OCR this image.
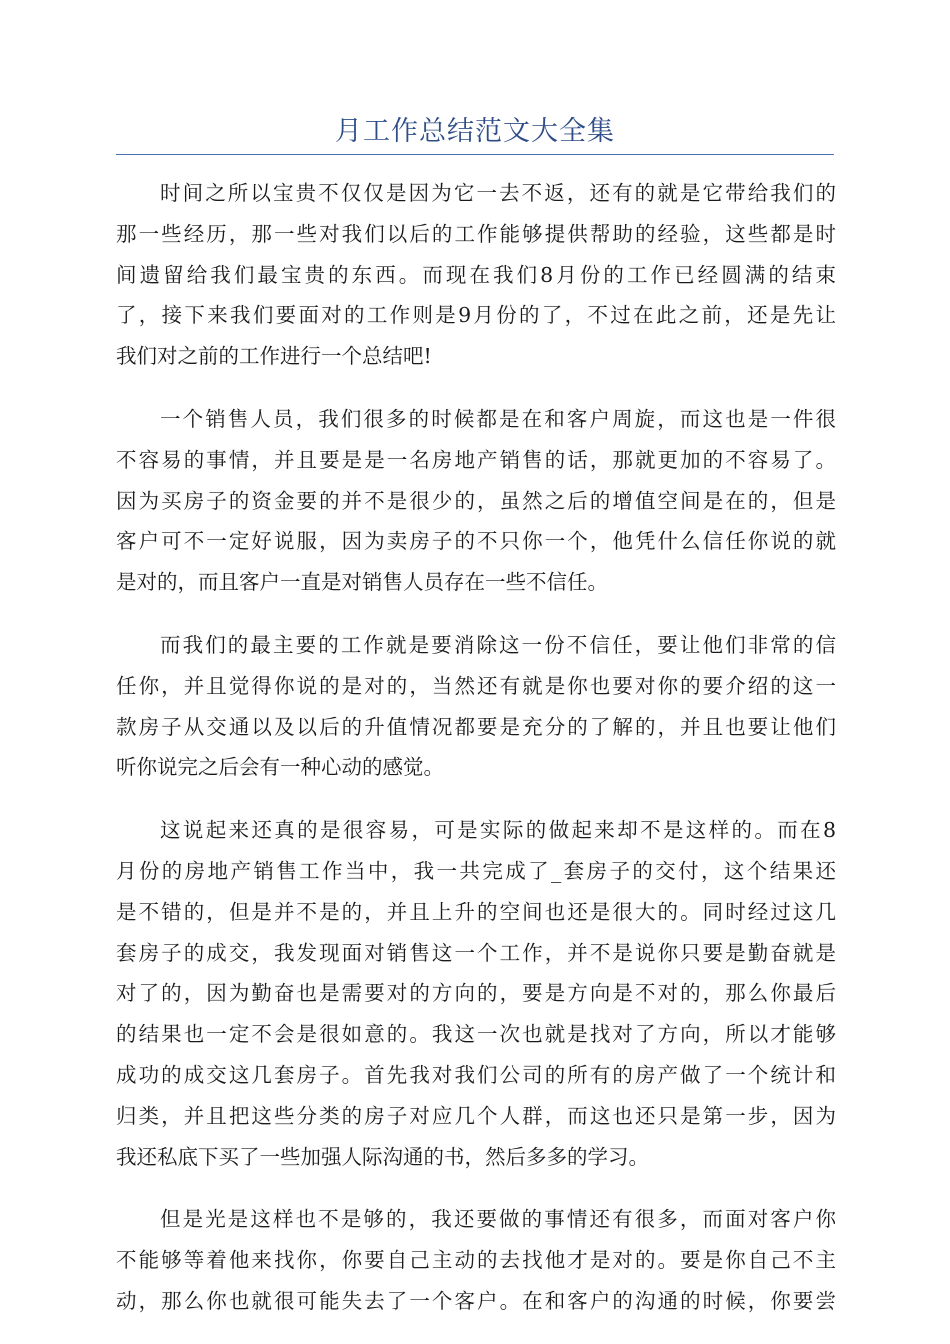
月工作总结范文大全集
时间之所以宝贵不仅仅是因为它一去不返，还有的就是它带给我们的
那一些经历，那一些对我们以后的工作能够提供帮助的经验，这些都是时
间遗留给我们最宝贵的东西。而现在我们8月份的工作已经圆满的结束
了，接下来我们要面对的工作则是9月份的了，不过在此之前，还是先让
我们对之前的工作进行一个总结吧!
一个销售人员，我们很多的时候都是在和客户周旋，而这也是一件很
不容易的事情，并且要是是一名房地产销售的话，那就更加的不容易了。
因为买房子的资金要的并不是很少的，虽然之后的增值空间是在的，但是
客户可不一定好说服，因为卖房子的不只你一个，他凭什么信任你说的就
是对的，而且客户一直是对销售人员存在一些不信任。
而我们的最主要的工作就是要消除这一份不信任，要让他们非常的信
任你，并且觉得你说的是对的，当然还有就是你也要对你的要介绍的这一
款房子从交通以及以后的升值情况都要是充分的了解的，并且也要让他们
听你说完之后会有一种心动的感觉。
这说起来还真的是很容易，可是实际的做起来却不是这样的。而在8
月份的房地产销售工作当中，我一共完成了_套房子的交付，这个结果还
是不错的，但是并不是的，并且上升的空间也还是很大的。同时经过这几
套房子的成交，我发现面对销售这一个工作，并不是说你只要是勤奋就是
对了的，因为勤奋也是需要对的方向的，要是方向是不对的，那么你最后
的结果也一定不会是很如意的。我这一次也就是找对了方向，所以才能够
成功的成交这几套房子。首先我对我们公司的所有的房产做了一个统计和
归类，并且把这些分类的房子对应几个人群，而这也还只是第一步，因为
我还私底下买了一些加强人际沟通的书，然后多多的学习。
但是光是这样也不是够的，我还要做的事情还有很多，而面对客户你
不能够等着他来找你，你要自己主动的去找他才是对的。要是你自己不主
动，那么你也就很可能失去了一个客户。在和客户的沟通的时候，你要尝
